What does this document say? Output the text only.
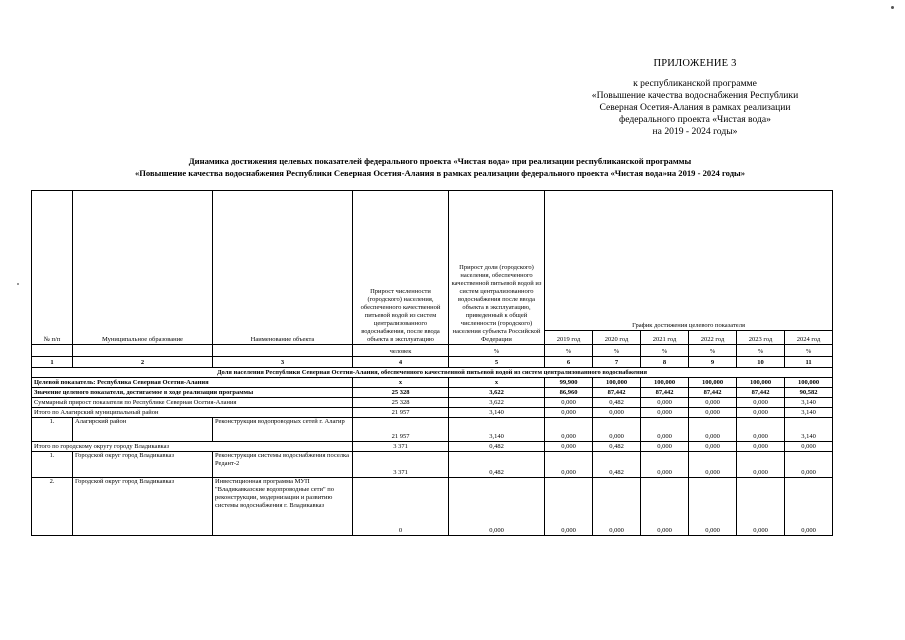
ПРИЛОЖЕНИЕ 3
к республиканской программе
«Повышение качества водоснабжения Республики
Северная Осетия-Алания в рамках реализации
федерального проекта «Чистая вода»
на 2019 - 2024 годы»
Динамика достижения целевых показателей федерального проекта «Чистая вода» при реализации республиканской программы
«Повышение качества водоснабжения Республики Северная Осетия-Алания в рамках реализации федерального проекта «Чистая вода»на 2019 - 2024 годы»
№ п/п	Муниципальное образование	Наименование объекта	Прирост численности (городского) населения, обеспеченного качественной питьевой водой из систем централизованного водоснабжения, после ввода объекта в эксплуатацию	Прирост доли (городского) населения, обеспеченного качественной питьевой водой из систем централизованного водоснабжения после ввода объекта в эксплуатацию, приведенный к общей численности (городского) населения субъекта Российской Федерации	График достижения целевого показателя					
					2019 год	2020 год	2021 год	2022 год	2023 год	2024 год
			человек	%	%	%	%	%	%	%
1	2	3	4	5	6	7	8	9	10	11
Доля населения Республики Северная Осетия-Алания, обеспеченного качественной питьевой водой из систем централизованного водоснабжения										
Целевой показатель: Республика Северная Осетия-Алания			х	х	99,900	100,000	100,000	100,000	100,000	100,000
Значение целевого показателя, достигаемое в ходе реализации программы			25 328	3,622	86,960	87,442	87,442	87,442	87,442	90,582
Суммарный прирост показателя по Республике Северная Осетия-Алания			25 328	3,622	0,000	0,482	0,000	0,000	0,000	3,140
Итого по Алагирский муниципальный район			21 957	3,140	0,000	0,000	0,000	0,000	0,000	3,140
1.	Алагирский район	Реконструкция водопроводных сетей г. Алагир	21 957	3,140	0,000	0,000	0,000	0,000	0,000	3,140
Итого по городскому округу городу Владикавказ			3 371	0,482	0,000	0,482	0,000	0,000	0,000	0,000
1.	Городской округ город Владикавказ	Реконструкция системы водоснабжения поселка Редант-2	3 371	0,482	0,000	0,482	0,000	0,000	0,000	0,000
2.	Городской округ город Владикавказ	Инвестиционная программа МУП "Владикавказские водопроводные сети" по реконструкции, модернизации и развитию системы водоснабжения г. Владикавказ	0	0,000	0,000	0,000	0,000	0,000	0,000	0,000
